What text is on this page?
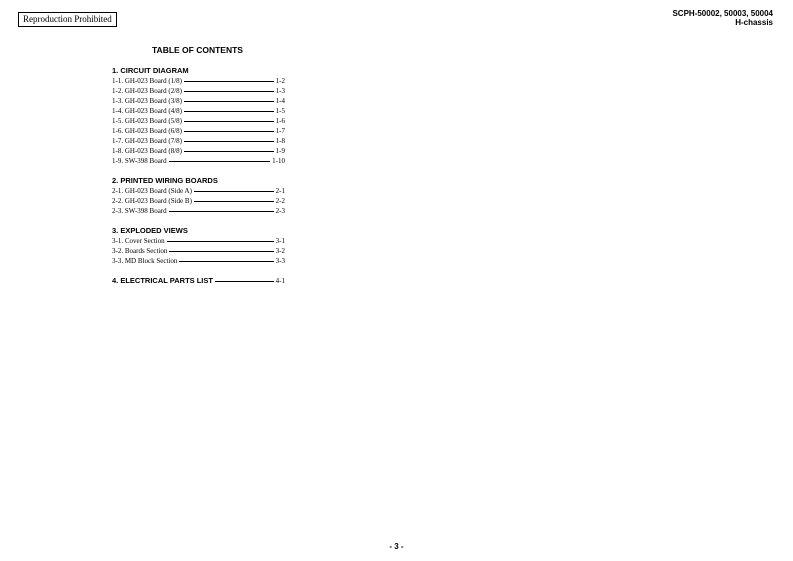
Reproduction Prohibited
SCPH-50002, 50003, 50004
H-chassis
TABLE OF CONTENTS
1. CIRCUIT DIAGRAM
1-1. GH-023 Board (1/8)	1-2
1-2. GH-023 Board (2/8)	1-3
1-3. GH-023 Board (3/8)	1-4
1-4. GH-023 Board (4/8)	1-5
1-5. GH-023 Board (5/8)	1-6
1-6. GH-023 Board (6/8)	1-7
1-7. GH-023 Board (7/8)	1-8
1-8. GH-023 Board (8/8)	1-9
1-9. SW-398 Board	1-10
2. PRINTED WIRING BOARDS
2-1. GH-023 Board (Side A)	2-1
2-2. GH-023 Board (Side B)	2-2
2-3. SW-398 Board	2-3
3. EXPLODED VIEWS
3-1. Cover Section	3-1
3-2. Boards Section	3-2
3-3. MD Block Section	3-3
4. ELECTRICAL PARTS LIST	4-1
- 3 -
